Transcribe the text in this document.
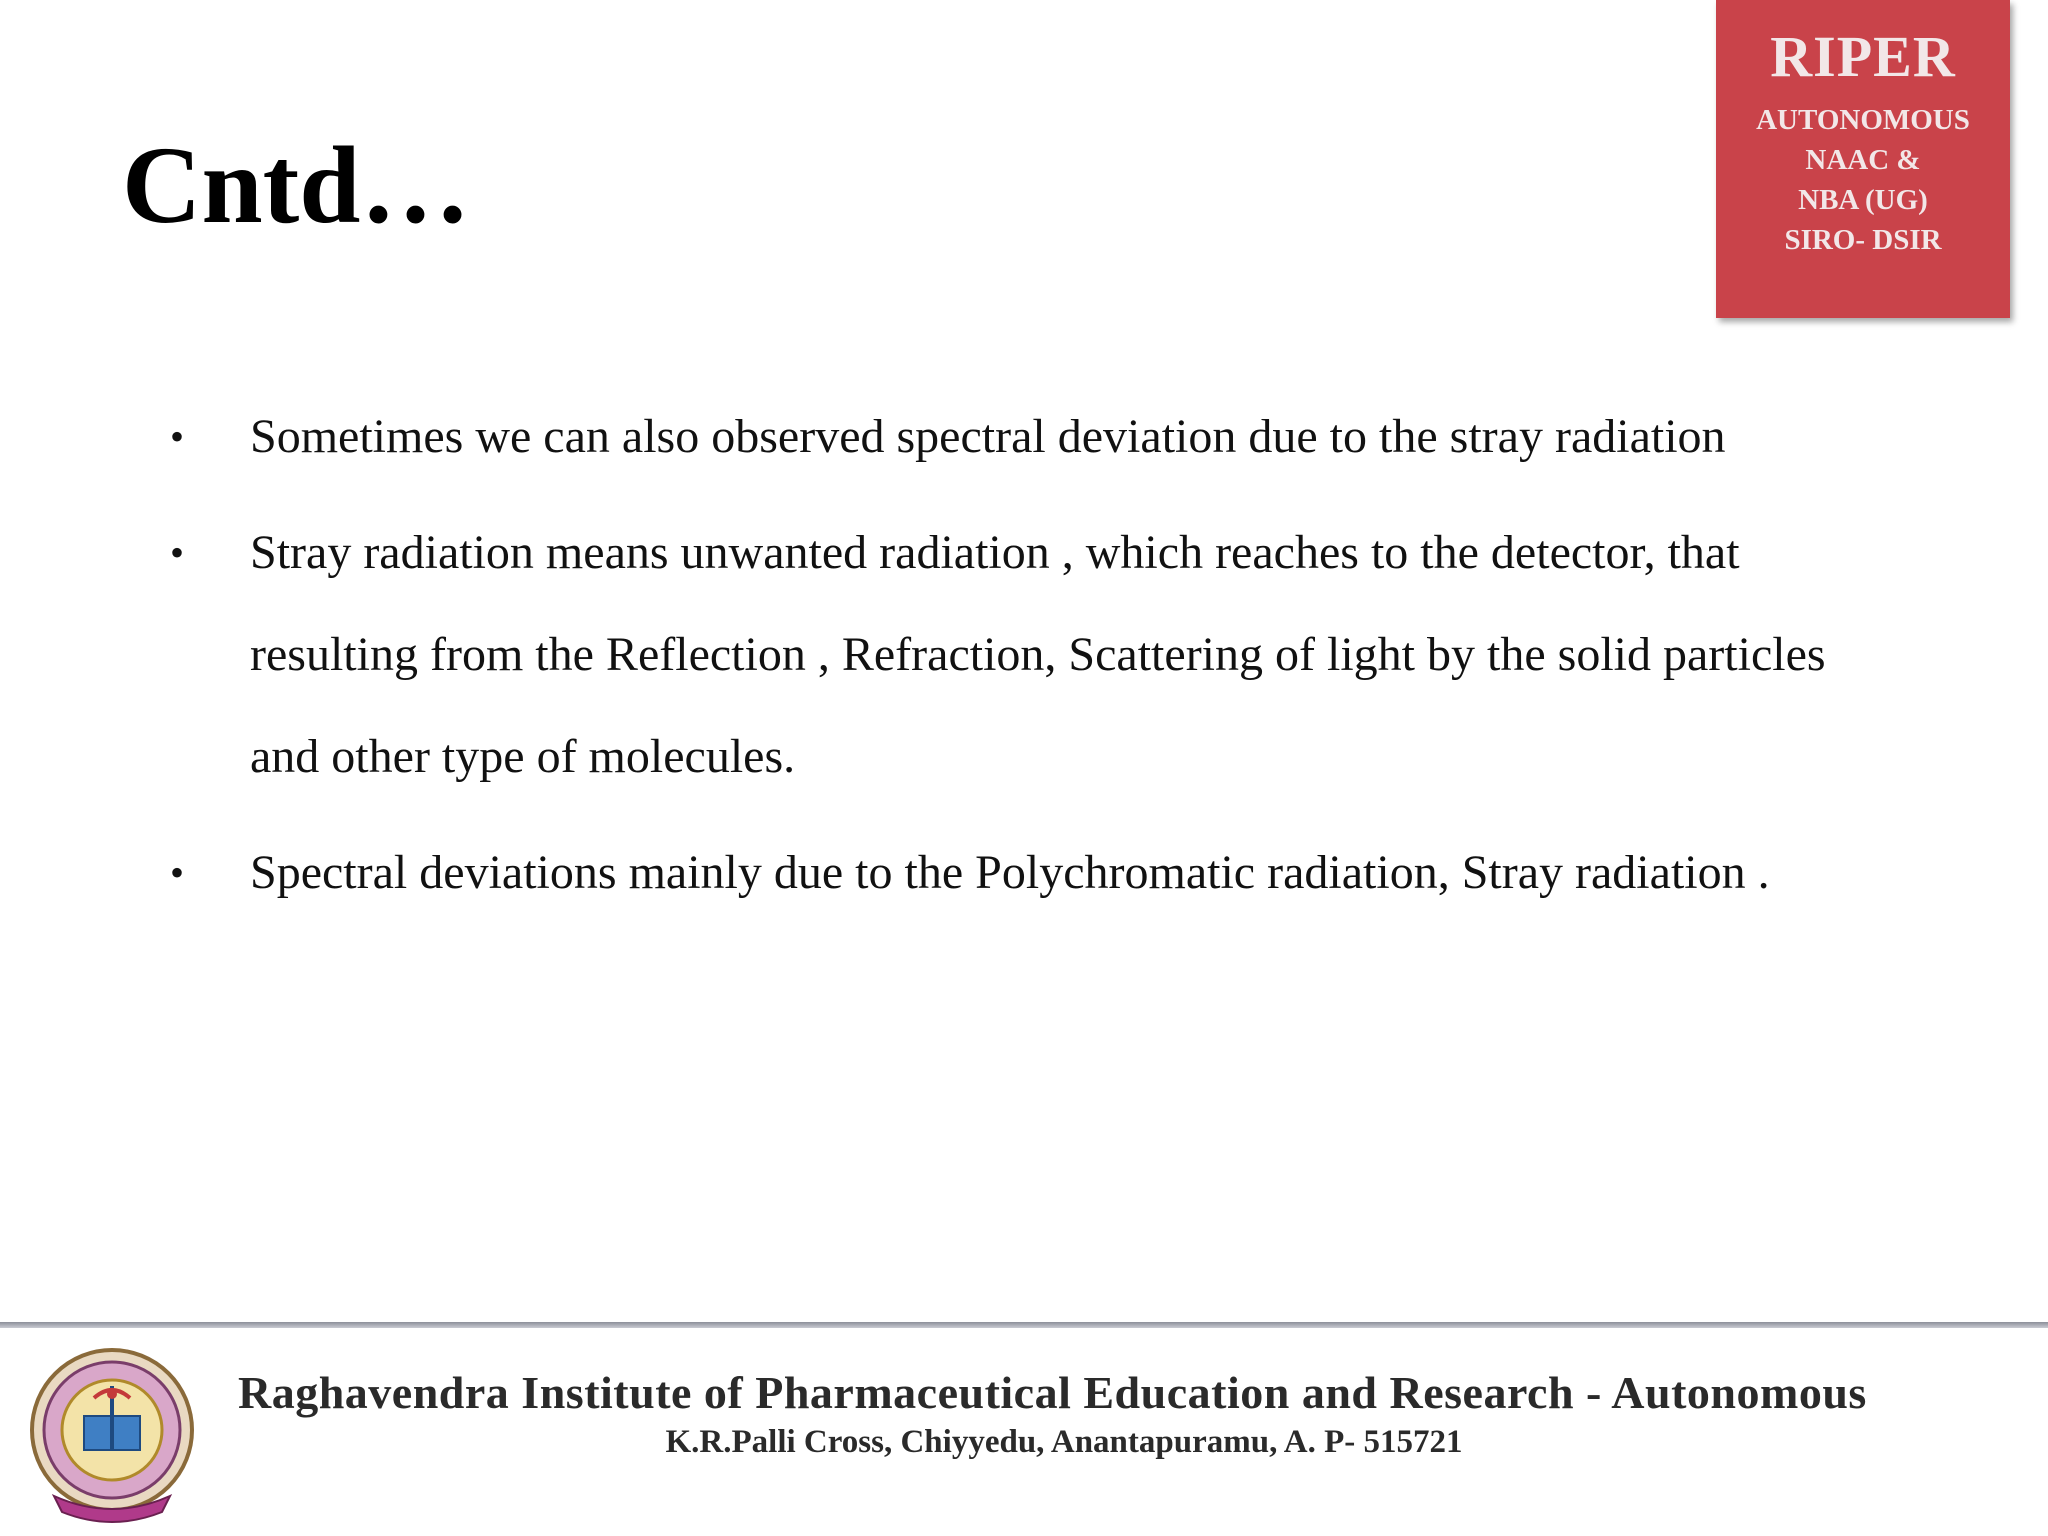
Cntd…
RIPER
AUTONOMOUS
NAAC &
NBA (UG)
SIRO- DSIR
• Sometimes we can also observed spectral deviation due to the stray radiation
• Stray radiation means unwanted radiation , which reaches to the detector, that resulting from the Reflection , Refraction, Scattering of light by the solid particles and other type of molecules.
• Spectral deviations mainly due to the Polychromatic radiation, Stray radiation .
Raghavendra Institute of Pharmaceutical Education and Research - Autonomous
K.R.Palli Cross, Chiyyedu, Anantapuramu, A. P- 515721
